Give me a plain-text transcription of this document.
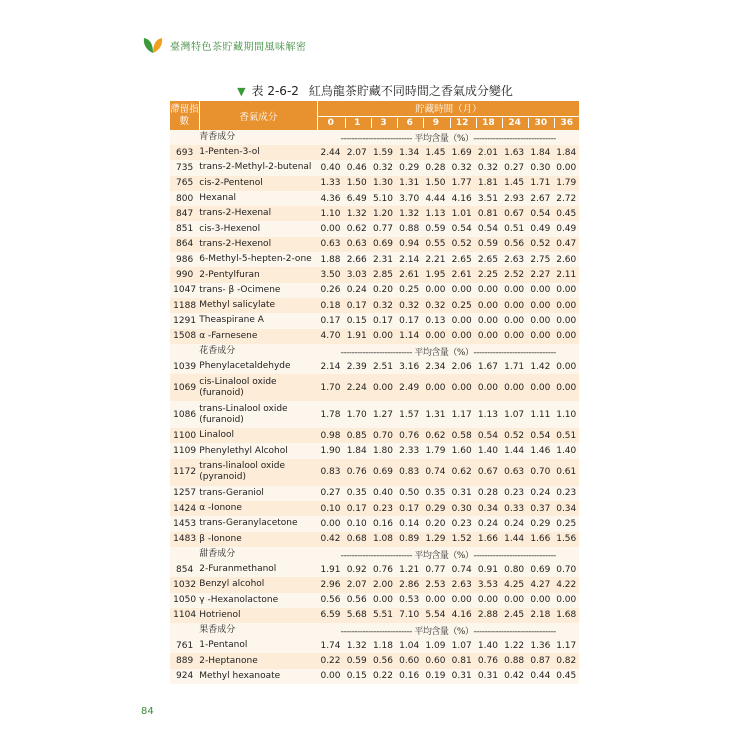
臺灣特色茶貯藏期間風味解密
▼ 表 2-6-2 紅烏龍茶貯藏不同時間之香氣成分變化
滯留指數	香氣成分	貯藏時間（月）									

		0	1	3	6	9	12	18	24	30	36

	青香成分	-------------------------- 平均含量（%）------------------------------									
693	1-Penten-3-ol	2.44	2.07	1.59	1.34	1.45	1.69	2.01	1.63	1.84	1.84
735	trans-2-Methyl-2-butenal	0.40	0.46	0.32	0.29	0.28	0.32	0.32	0.27	0.30	0.00
765	cis-2-Pentenol	1.33	1.50	1.30	1.31	1.50	1.77	1.81	1.45	1.71	1.79
800	Hexanal	4.36	6.49	5.10	3.70	4.44	4.16	3.51	2.93	2.67	2.72
847	trans-2-Hexenal	1.10	1.32	1.20	1.32	1.13	1.01	0.81	0.67	0.54	0.45
851	cis-3-Hexenol	0.00	0.62	0.77	0.88	0.59	0.54	0.54	0.51	0.49	0.49
864	trans-2-Hexenol	0.63	0.63	0.69	0.94	0.55	0.52	0.59	0.56	0.52	0.47
986	6-Methyl-5-hepten-2-one	1.88	2.66	2.31	2.14	2.21	2.65	2.65	2.63	2.75	2.60
990	2-Pentylfuran	3.50	3.03	2.85	2.61	1.95	2.61	2.25	2.52	2.27	2.11
1047	trans- β -Ocimene	0.26	0.24	0.20	0.25	0.00	0.00	0.00	0.00	0.00	0.00
1188	Methyl salicylate	0.18	0.17	0.32	0.32	0.32	0.25	0.00	0.00	0.00	0.00
1291	Theaspirane A	0.17	0.15	0.17	0.17	0.13	0.00	0.00	0.00	0.00	0.00
1508	α -Farnesene	4.70	1.91	0.00	1.14	0.00	0.00	0.00	0.00	0.00	0.00
	花香成分	-------------------------- 平均含量（%）------------------------------									
1039	Phenylacetaldehyde	2.14	2.39	2.51	3.16	2.34	2.06	1.67	1.71	1.42	0.00
1069	cis-Linalool oxide
(furanoid)	1.70	2.24	0.00	2.49	0.00	0.00	0.00	0.00	0.00	0.00
1086	trans-Linalool oxide
(furanoid)	1.78	1.70	1.27	1.57	1.31	1.17	1.13	1.07	1.11	1.10
1100	Linalool	0.98	0.85	0.70	0.76	0.62	0.58	0.54	0.52	0.54	0.51
1109	Phenylethyl Alcohol	1.90	1.84	1.80	2.33	1.79	1.60	1.40	1.44	1.46	1.40
1172	trans-linalool oxide
(pyranoid)	0.83	0.76	0.69	0.83	0.74	0.62	0.67	0.63	0.70	0.61
1257	trans-Geraniol	0.27	0.35	0.40	0.50	0.35	0.31	0.28	0.23	0.24	0.23
1424	α -Ionone	0.10	0.17	0.23	0.17	0.29	0.30	0.34	0.33	0.37	0.34
1453	trans-Geranylacetone	0.00	0.10	0.16	0.14	0.20	0.23	0.24	0.24	0.29	0.25
1483	β -Ionone	0.42	0.68	1.08	0.89	1.29	1.52	1.66	1.44	1.66	1.56
	甜香成分	-------------------------- 平均含量（%）------------------------------									
854	2-Furanmethanol	1.91	0.92	0.76	1.21	0.77	0.74	0.91	0.80	0.69	0.70
1032	Benzyl alcohol	2.96	2.07	2.00	2.86	2.53	2.63	3.53	4.25	4.27	4.22
1050	γ -Hexanolactone	0.56	0.56	0.00	0.53	0.00	0.00	0.00	0.00	0.00	0.00
1104	Hotrienol	6.59	5.68	5.51	7.10	5.54	4.16	2.88	2.45	2.18	1.68
	果香成分	-------------------------- 平均含量（%）------------------------------									
761	1-Pentanol	1.74	1.32	1.18	1.04	1.09	1.07	1.40	1.22	1.36	1.17
889	2-Heptanone	0.22	0.59	0.56	0.60	0.60	0.81	0.76	0.88	0.87	0.82
924	Methyl hexanoate	0.00	0.15	0.22	0.16	0.19	0.31	0.31	0.42	0.44	0.45
84
